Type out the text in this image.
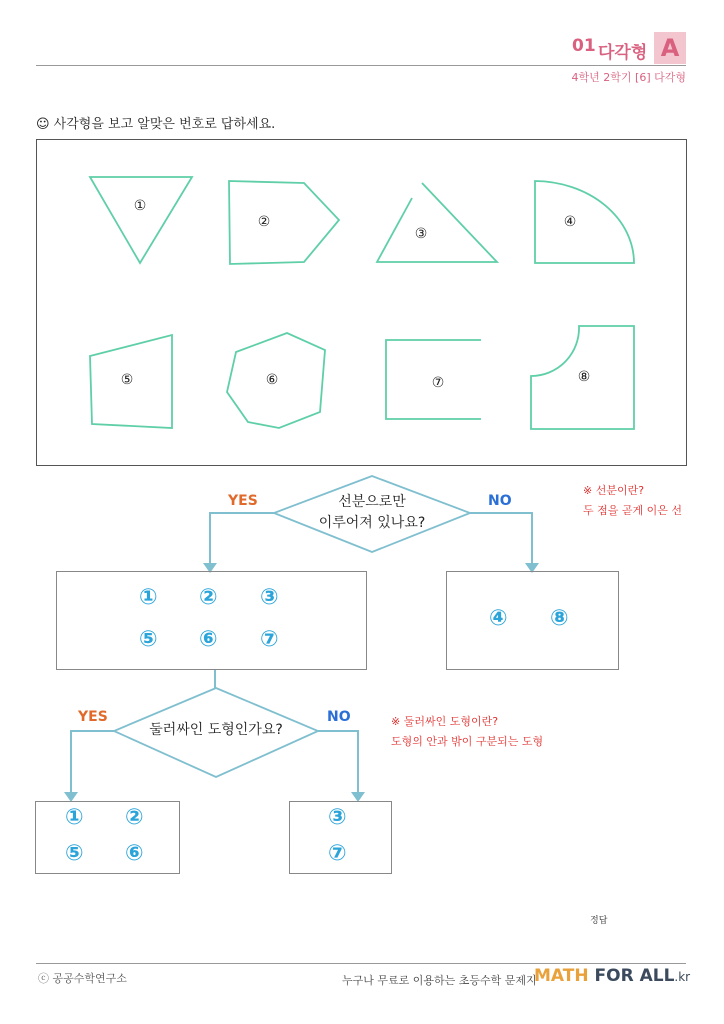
01 다각형 A
4학년 2학기 [6] 다각형
☺ 사각형을 보고 알맞은 번호로 답하세요.
①
②
③
④
⑤	⑥	⑦	⑧
선분으로만
이루어져 있나요?
YES	NO
※ 선분이란?
두 점을 곧게 이은 선
① ② ③
⑤ ⑥ ⑦
④ ⑧
둘러싸인 도형인가요?
YES	NO	※ 둘러싸인 도형이란?
도형의 안과 밖이 구분되는 도형
① ②
⑤ ⑥
③
⑦
정답
ⓒ 공공수학연구소	누구나 무료로 이용하는 초등수학 문제지
MATH FOR ALL.kr
